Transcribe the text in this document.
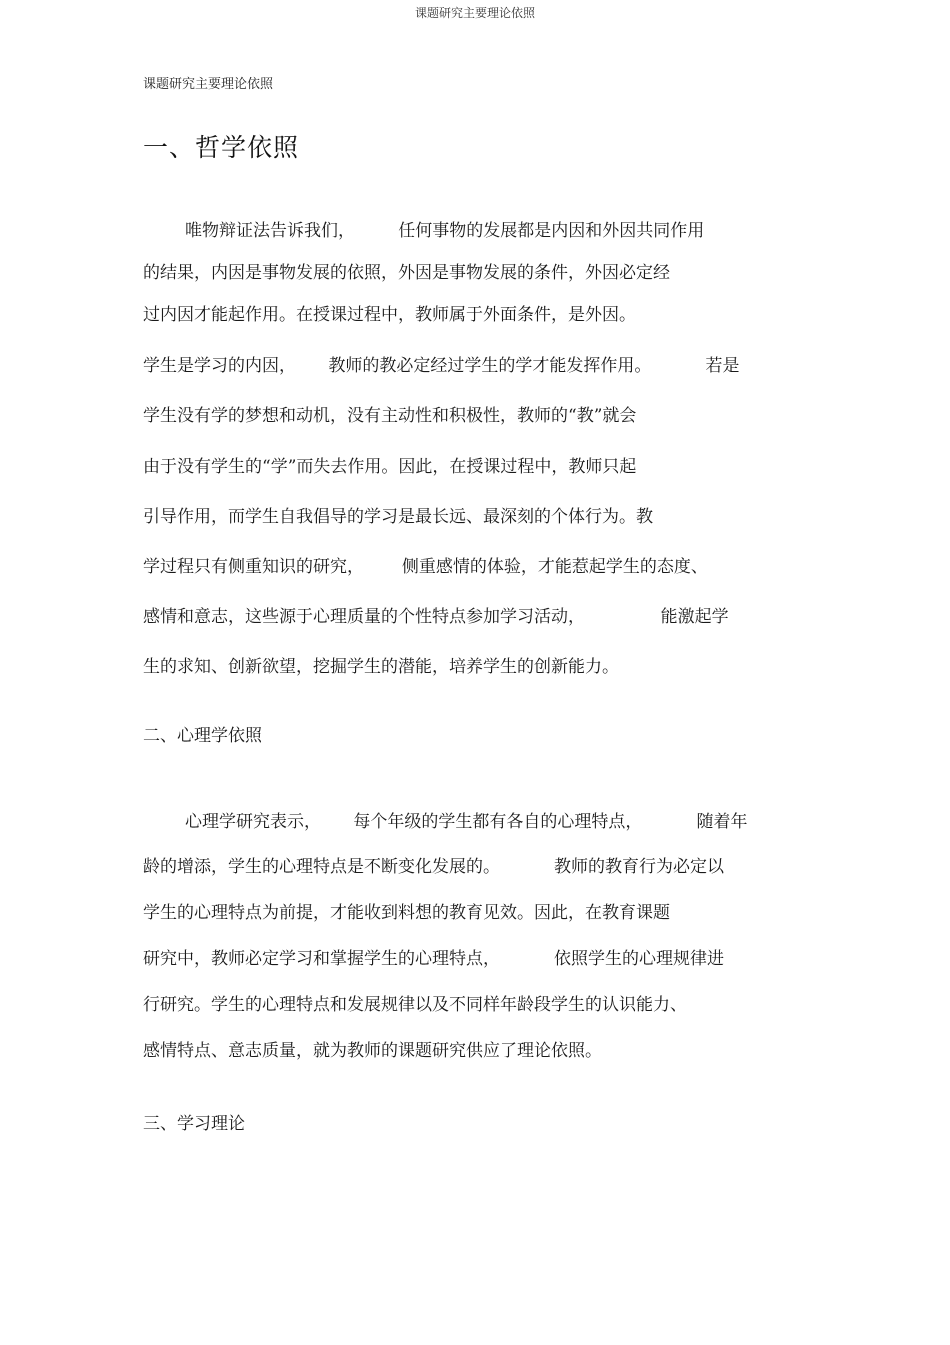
课题研究主要理论依照
课题研究主要理论依照
一、哲学依照
唯物辩证法告诉我们，        任何事物的发展都是内因和外因共同作用
的结果，内因是事物发展的依照，外因是事物发展的条件，外因必定经
过内因才能起作用。在授课过程中，教师属于外面条件，是外因。
学生是学习的内因，      教师的教必定经过学生的学才能发挥作用。          若是
学生没有学的梦想和动机，没有主动性和积极性，教师的“教”就会
由于没有学生的“学”而失去作用。因此，在授课过程中，教师只起
引导作用，而学生自我倡导的学习是最长远、最深刻的个体行为。教
学过程只有侧重知识的研究，       侧重感情的体验，才能惹起学生的态度、
感情和意志，这些源于心理质量的个性特点参加学习活动，              能激起学
生的求知、创新欲望，挖掘学生的潜能，培养学生的创新能力。
二、心理学依照
心理学研究表示，      每个年级的学生都有各自的心理特点，          随着年
龄的增添，学生的心理特点是不断变化发展的。          教师的教育行为必定以
学生的心理特点为前提，才能收到料想的教育见效。因此，在教育课题
研究中，教师必定学习和掌握学生的心理特点，          依照学生的心理规律进
行研究。学生的心理特点和发展规律以及不同样年龄段学生的认识能力、
感情特点、意志质量，就为教师的课题研究供应了理论依照。
三、学习理论
